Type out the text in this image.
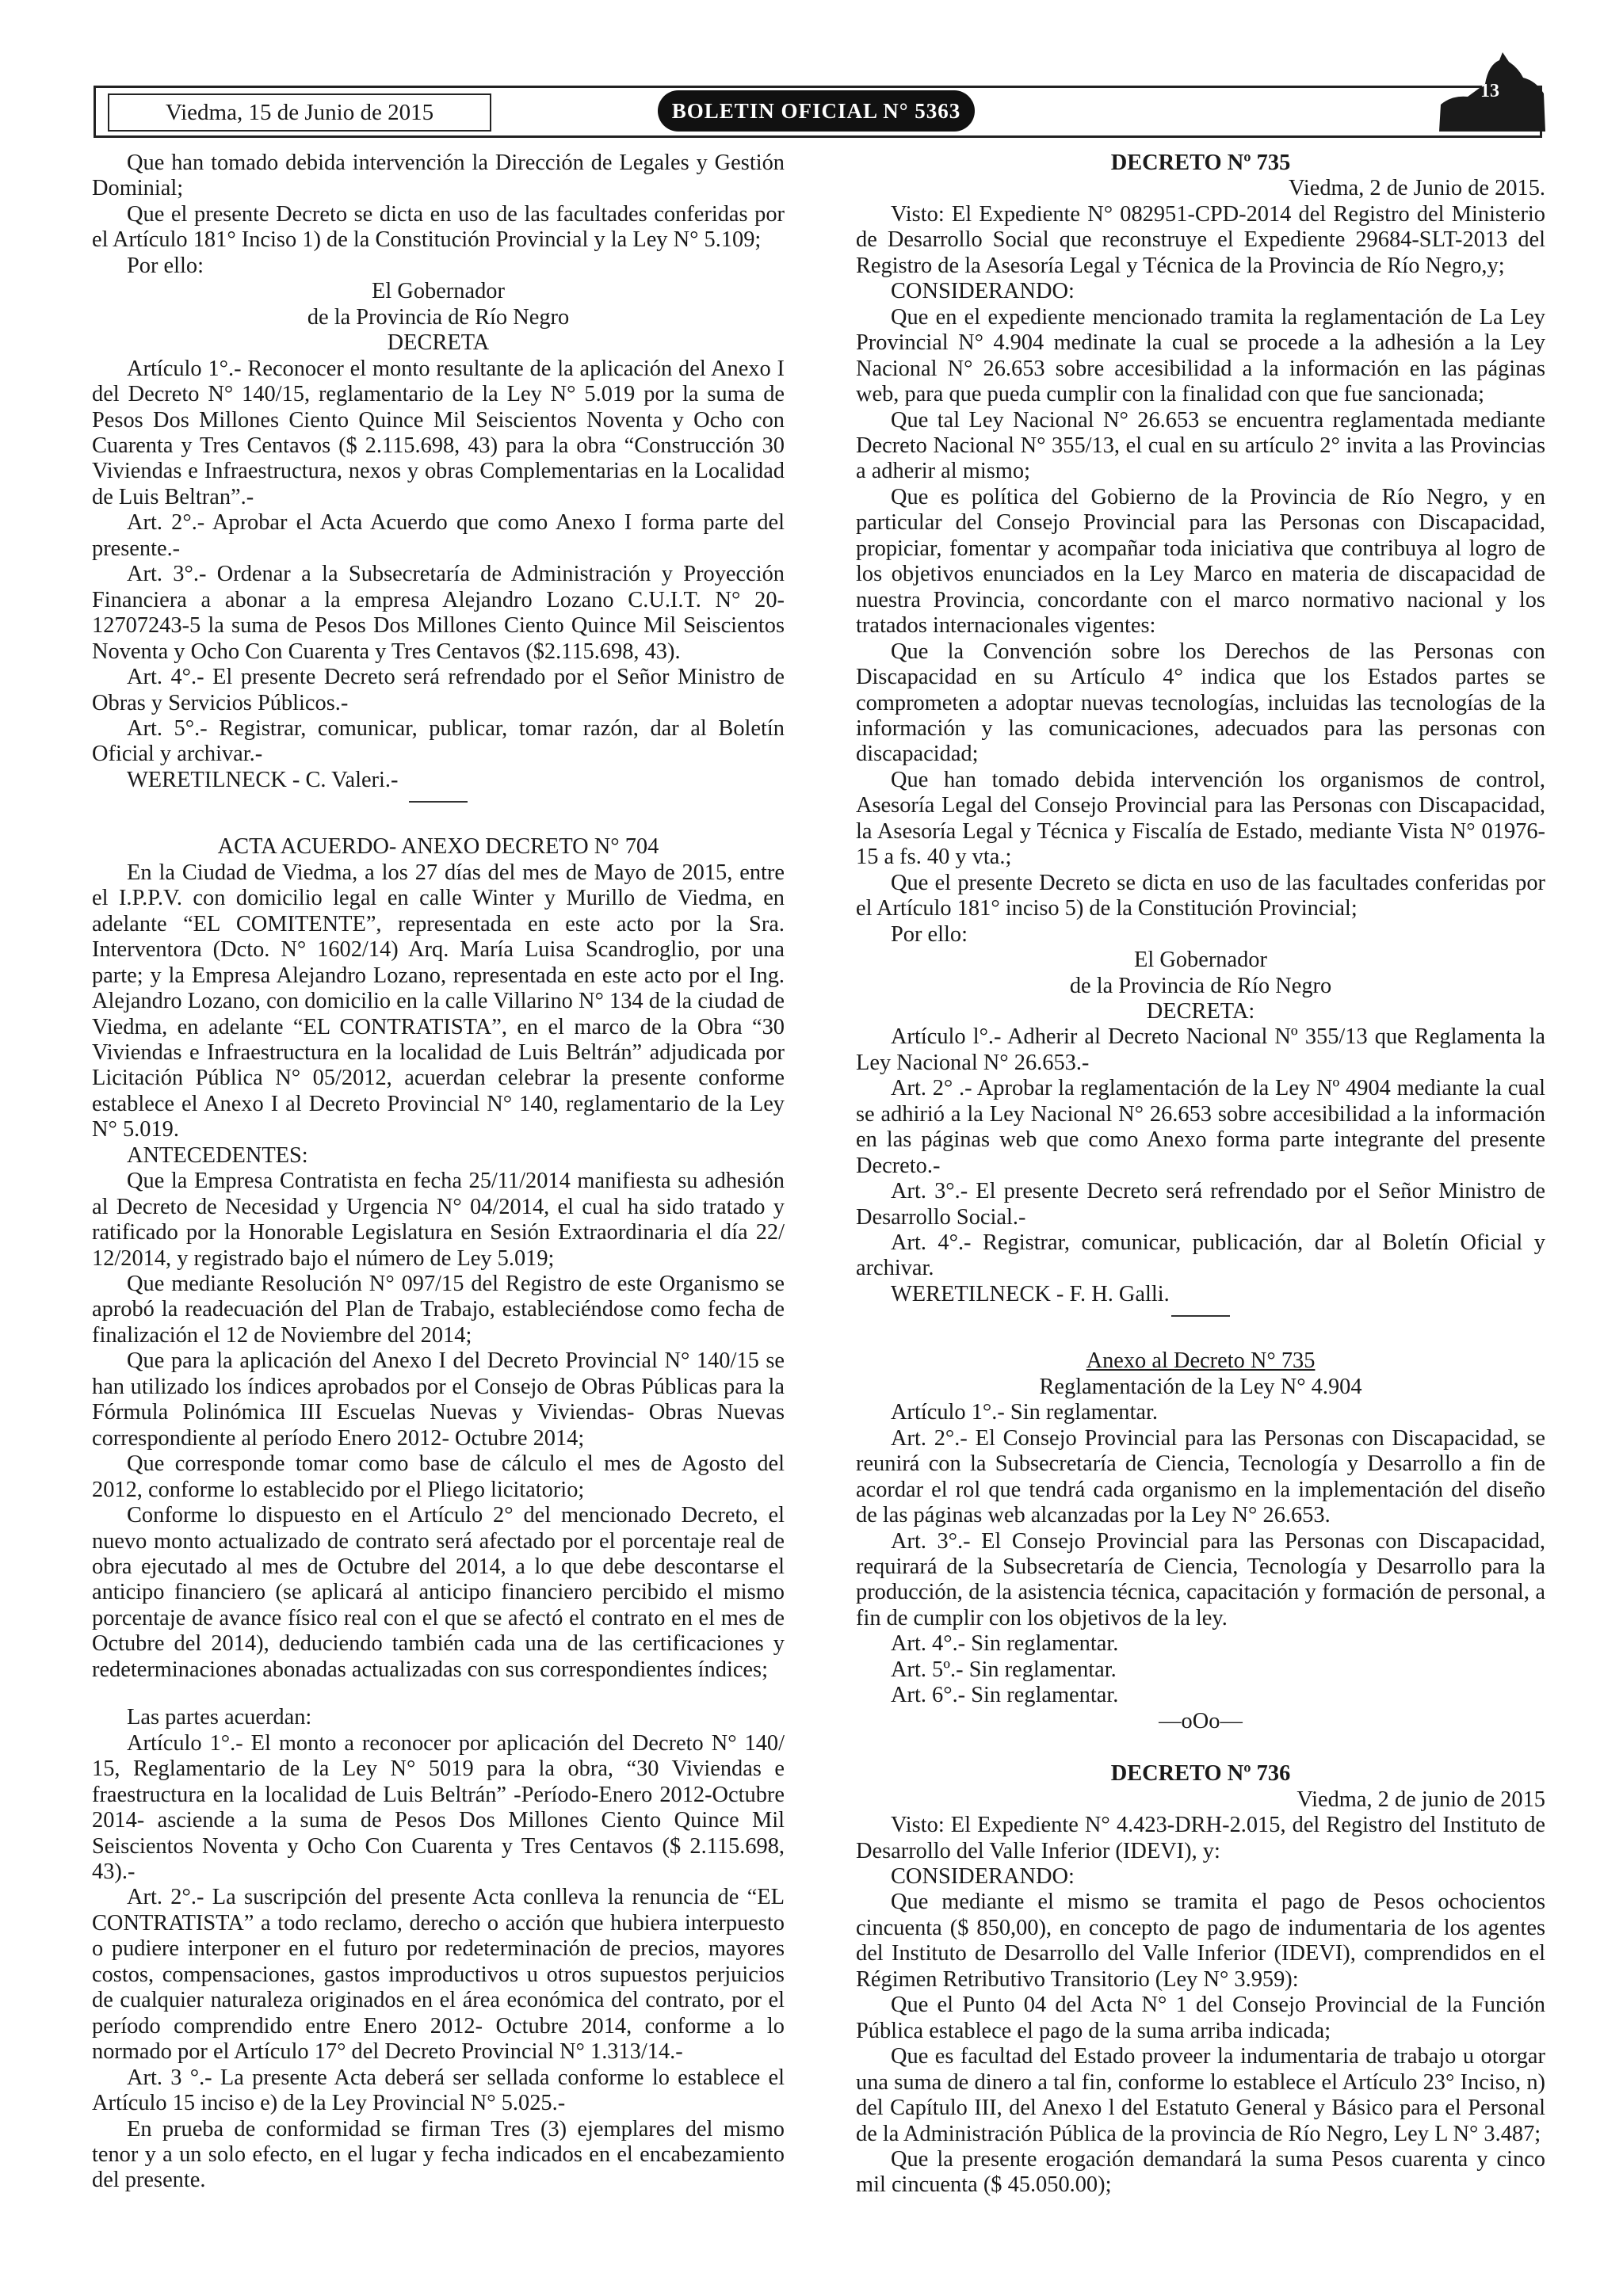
Viedma, 15 de Junio de 2015	BOLETIN OFICIAL N° 5363
13

Que han tomado debida intervención la Dirección de Legales y Gestión Dominial;

Que el presente Decreto se dicta en uso de las facultades conferidas por el Artículo 181° Inciso 1) de la Constitución Provincial y la Ley N° 5.109;

Por ello:

El Gobernador

de la Provincia de Río Negro

DECRETA

Artículo 1°.- Reconocer el monto resultante de la aplicación del Anexo I del Decreto N° 140/15, reglamentario de la Ley N° 5.019 por la suma de Pesos Dos Millones Ciento Quince Mil Seiscientos Noventa y Ocho con Cuarenta y Tres Centavos ($ 2.115.698, 43) para la obra “Construcción 30 Viviendas e Infraestructura, nexos y obras Complementarias en la Localidad de Luis Beltran”.-

Art. 2°.- Aprobar el Acta Acuerdo que como Anexo I forma parte del presente.-

Art. 3°.- Ordenar a la Subsecretaría de Administración y Proyección Financiera a abonar a la empresa Alejandro Lozano C.U.I.T. N° 20-12707243-5 la suma de Pesos Dos Millones Ciento Quince Mil Seiscientos Noventa y Ocho Con Cuarenta y Tres Centavos ($2.115.698, 43).

Art. 4°.- El presente Decreto será refrendado por el Señor Ministro de Obras y Servicios Públicos.-

Art. 5°.- Registrar, comunicar, publicar, tomar razón, dar al Boletín Oficial y archivar.-

WERETILNECK - C. Valeri.-

ACTA ACUERDO- ANEXO DECRETO N° 704

En la Ciudad de Viedma, a los 27 días del mes de Mayo de 2015, entre el I.P.P.V. con domicilio legal en calle Winter y Murillo de Viedma, en adelante “EL COMITENTE”, representada en este acto por la Sra. Interventora (Dcto. N° 1602/14) Arq. María Luisa Scandroglio, por una parte; y la Empresa Alejandro Lozano, representada en este acto por el Ing. Alejandro Lozano, con domicilio en la calle Villarino N° 134 de la ciudad de Viedma, en adelante “EL CONTRATISTA”, en el marco de la Obra “30 Viviendas e Infraestructura en la localidad de Luis Beltrán” adjudicada por Licitación Pública N° 05/2012, acuerdan celebrar la presente conforme establece el Anexo I al Decreto Provincial N° 140, reglamentario de la Ley N° 5.019.

ANTECEDENTES:

Que la Empresa Contratista en fecha 25/11/2014 manifiesta su adhesión al Decreto de Necesidad y Urgencia N° 04/2014, el cual ha sido tratado y ratificado por la Honorable Legislatura en Sesión Extraordinaria el día 22/ 12/2014, y registrado bajo el número de Ley 5.019;

Que mediante Resolución N° 097/15 del Registro de este Organismo se aprobó la readecuación del Plan de Trabajo, estableciéndose como fecha de finalización el 12 de Noviembre del 2014;

Que para la aplicación del Anexo I del Decreto Provincial N° 140/15 se han utilizado los índices aprobados por el Consejo de Obras Públicas para la Fórmula Polinómica III Escuelas Nuevas y Viviendas- Obras Nuevas correspondiente al período Enero 2012- Octubre 2014;

Que corresponde tomar como base de cálculo el mes de Agosto del 2012, conforme lo establecido por el Pliego licitatorio;

Conforme lo dispuesto en el Artículo 2° del mencionado Decreto, el nuevo monto actualizado de contrato será afectado por el porcentaje real de obra ejecutado al mes de Octubre del 2014, a lo que debe descontarse el anticipo financiero (se aplicará al anticipo financiero percibido el mismo porcentaje de avance físico real con el que se afectó el contrato en el mes de Octubre del 2014), deduciendo también cada una de las certificaciones y redeterminaciones abonadas actualizadas con sus correspondientes índices;

Las partes acuerdan:

Artículo 1°.- El monto a reconocer por aplicación del Decreto N° 140/ 15, Reglamentario de la Ley N° 5019 para la obra, “30 Viviendas e fraestructura en la localidad de Luis Beltrán” -Período-Enero 2012-Octubre 2014- asciende a la suma de Pesos Dos Millones Ciento Quince Mil Seiscientos Noventa y Ocho Con Cuarenta y Tres Centavos ($ 2.115.698, 43).-

Art. 2°.- La suscripción del presente Acta conlleva la renuncia de “EL CONTRATISTA” a todo reclamo, derecho o acción que hubiera interpuesto o pudiere interponer en el futuro por redeterminación de precios, mayores costos, compensaciones, gastos improductivos u otros supuestos perjuicios de cualquier naturaleza originados en el área económica del contrato, por el período comprendido entre Enero 2012- Octubre 2014, conforme a lo normado por el Artículo 17° del Decreto Provincial N° 1.313/14.-

Art. 3 °.- La presente Acta deberá ser sellada conforme lo establece el Artículo 15 inciso e) de la Ley Provincial N° 5.025.-

En prueba de conformidad se firman Tres (3) ejemplares del mismo tenor y a un solo efecto, en el lugar y fecha indicados en el encabezamiento del presente.

DECRETO Nº 735

Viedma, 2 de Junio de 2015.

Visto: El Expediente N° 082951-CPD-2014 del Registro del Ministerio de Desarrollo Social que reconstruye el Expediente 29684-SLT-2013 del Registro de la Asesoría Legal y Técnica de la Provincia de Río Negro,y;

CONSIDERANDO:

Que en el expediente mencionado tramita la reglamentación de La Ley Provincial N° 4.904 medinate la cual se procede a la adhesión a la Ley Nacional N° 26.653 sobre accesibilidad a la información en las páginas web, para que pueda cumplir con la finalidad con que fue sancionada;

Que tal Ley Nacional N° 26.653 se encuentra reglamentada mediante Decreto Nacional N° 355/13, el cual en su artículo 2° invita a las Provincias a adherir al mismo;

Que es política del Gobierno de la Provincia de Río Negro, y en particular del Consejo Provincial para las Personas con Discapacidad, propiciar, fomentar y acompañar toda iniciativa que contribuya al logro de los objetivos enunciados en la Ley Marco en materia de discapacidad de nuestra Provincia, concordante con el marco normativo nacional y los tratados internacionales vigentes:

Que la Convención sobre los Derechos de las Personas con Discapacidad en su Artículo 4° indica que los Estados partes se comprometen a adoptar nuevas tecnologías, incluidas las tecnologías de la información y las comunicaciones, adecuados para las personas con discapacidad;

Que han tomado debida intervención los organismos de control, Asesoría Legal del Consejo Provincial para las Personas con Discapacidad, la Asesoría Legal y Técnica y Fiscalía de Estado, mediante Vista N° 01976-15 a fs. 40 y vta.;

Que el presente Decreto se dicta en uso de las facultades conferidas por el Artículo 181° inciso 5) de la Constitución Provincial;

Por ello:

El Gobernador

de la Provincia de Río Negro

DECRETA:

Artículo l°.- Adherir al Decreto Nacional Nº 355/13 que Reglamenta la Ley Nacional N° 26.653.-

Art. 2° .- Aprobar la reglamentación de la Ley Nº 4904 mediante la cual se adhirió a la Ley Nacional N° 26.653 sobre accesibilidad a la información en las páginas web que como Anexo forma parte integrante del presente Decreto.-

Art. 3°.- El presente Decreto será refrendado por el Señor Ministro de Desarrollo Social.-

Art. 4°.- Registrar, comunicar, publicación, dar al Boletín Oficial y archivar.

WERETILNECK - F. H. Galli.

Anexo al Decreto N° 735

Reglamentación de la Ley N° 4.904

Artículo 1°.- Sin reglamentar.

Art. 2°.- El Consejo Provincial para las Personas con Discapacidad, se reunirá con la Subsecretaría de Ciencia, Tecnología y Desarrollo a fin de acordar el rol que tendrá cada organismo en la implementación del diseño de las páginas web alcanzadas por la Ley N° 26.653.

Art. 3°.- El Consejo Provincial para las Personas con Discapacidad, requirará de la Subsecretaría de Ciencia, Tecnología y Desarrollo para la producción, de la asistencia técnica, capacitación y formación de personal, a fin de cumplir con los objetivos de la ley.

Art. 4°.- Sin reglamentar.

Art. 5º.- Sin reglamentar.

Art. 6°.- Sin reglamentar.

—oOo—

DECRETO Nº 736

Viedma, 2 de junio de 2015

Visto: El Expediente N° 4.423-DRH-2.015, del Registro del Instituto de Desarrollo del Valle Inferior (IDEVI), y:

CONSIDERANDO:

Que mediante el mismo se tramita el pago de Pesos ochocientos cincuenta ($ 850,00), en concepto de pago de indumentaria de los agentes del Instituto de Desarrollo del Valle Inferior (IDEVI), comprendidos en el Régimen Retributivo Transitorio (Ley N° 3.959):

Que el Punto 04 del Acta N° 1 del Consejo Provincial de la Función Pública establece el pago de la suma arriba indicada;

Que es facultad del Estado proveer la indumentaria de trabajo u otorgar una suma de dinero a tal fin, conforme lo establece el Artículo 23° Inciso, n) del Capítulo III, del Anexo l del Estatuto General y Básico para el Personal de la Administración Pública de la provincia de Río Negro, Ley L N° 3.487;

Que la presente erogación demandará la suma Pesos cuarenta y cinco mil cincuenta ($ 45.050.00);
